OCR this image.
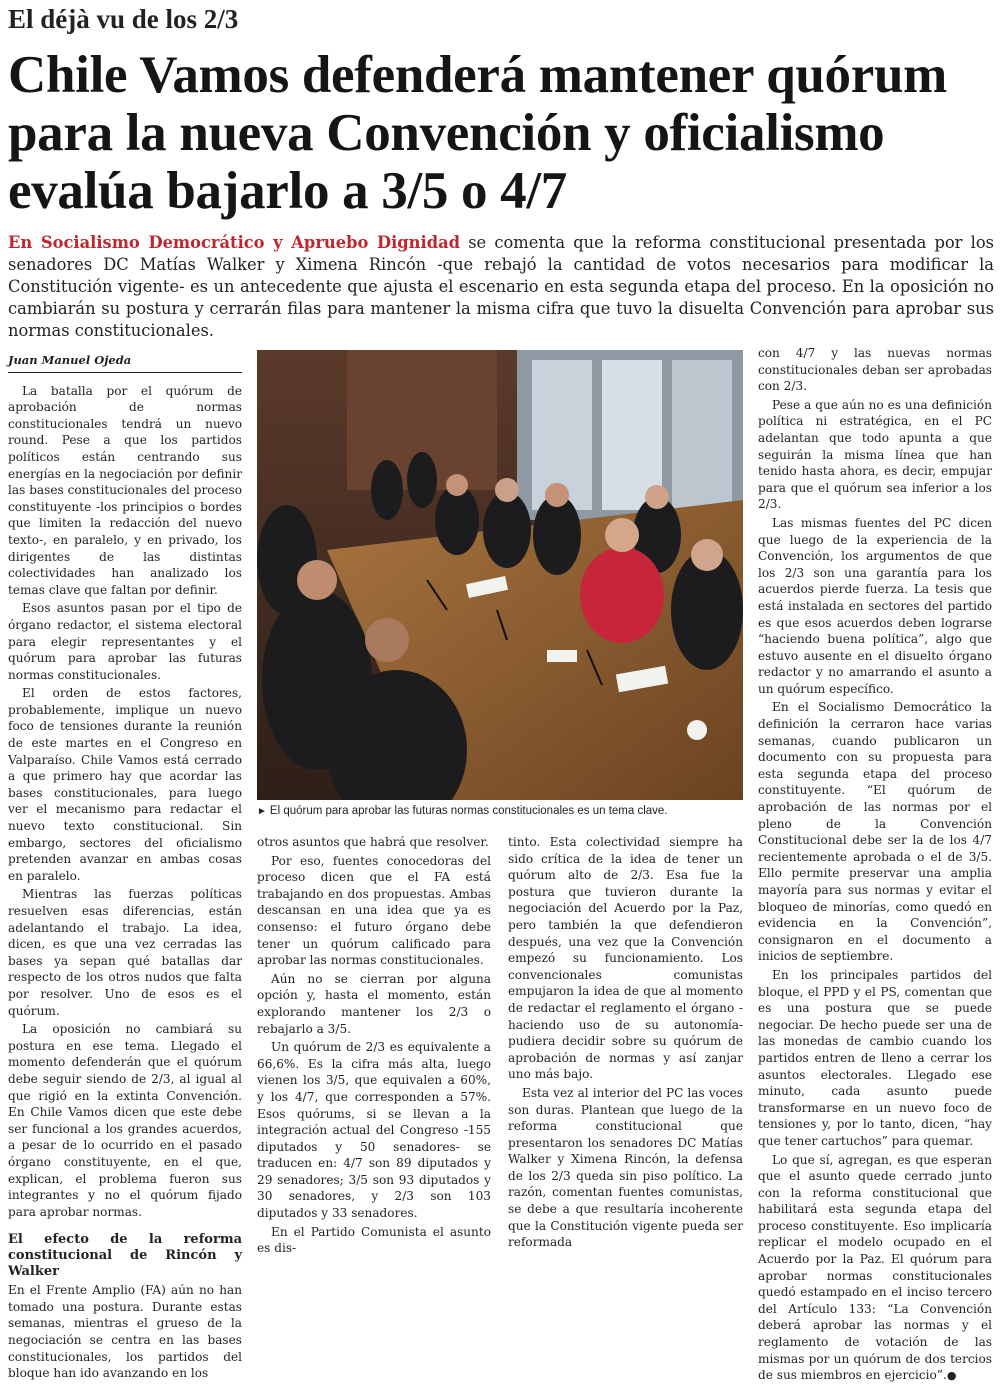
El déjà vu de los 2/3
Chile Vamos defenderá mantener quórum para la nueva Convención y oficialismo evalúa bajarlo a 3/5 o 4/7
En Socialismo Democrático y Apruebo Dignidad se comenta que la reforma constitucional presentada por los senadores DC Matías Walker y Ximena Rincón -que rebajó la cantidad de votos necesarios para modificar la Constitución vigente- es un antecedente que ajusta el escenario en esta segunda etapa del proceso. En la oposición no cambiarán su postura y cerrarán filas para mantener la misma cifra que tuvo la disuelta Convención para aprobar sus normas constitucionales.
Juan Manuel Ojeda

La batalla por el quórum de aprobación de normas constitucionales tendrá un nuevo round. Pese a que los partidos políticos están centrando sus energías en la negociación por definir las bases constitucionales del proceso constituyente -los principios o bordes que limiten la redacción del nuevo texto-, en paralelo, y en privado, los dirigentes de las distintas colectividades han analizado los temas clave que faltan por definir.

Esos asuntos pasan por el tipo de órgano redactor, el sistema electoral para elegir representantes y el quórum para aprobar las futuras normas constitucionales.

El orden de estos factores, probablemente, implique un nuevo foco de tensiones durante la reunión de este martes en el Congreso en Valparaíso. Chile Vamos está cerrado a que primero hay que acordar las bases constitucionales, para luego ver el mecanismo para redactar el nuevo texto constitucional. Sin embargo, sectores del oficialismo pretenden avanzar en ambas cosas en paralelo.

Mientras las fuerzas políticas resuelven esas diferencias, están adelantando el trabajo. La idea, dicen, es que una vez cerradas las bases ya sepan qué batallas dar respecto de los otros nudos que falta por resolver. Uno de esos es el quórum.

La oposición no cambiará su postura en ese tema. Llegado el momento defenderán que el quórum debe seguir siendo de 2/3, al igual al que rigió en la extinta Convención. En Chile Vamos dicen que este debe ser funcional a los grandes acuerdos, a pesar de lo ocurrido en el pasado órgano constituyente, en el que, explican, el problema fueron sus integrantes y no el quórum fijado para aprobar normas.

El efecto de la reforma constitucional de Rincón y Walker

En el Frente Amplio (FA) aún no han tomado una postura. Durante estas semanas, mientras el grueso de la negociación se centra en las bases constitucionales, los partidos del bloque han ido avanzando en los

► El quórum para aprobar las futuras normas constitucionales es un tema clave.

otros asuntos que habrá que resolver.

Por eso, fuentes conocedoras del proceso dicen que el FA está trabajando en dos propuestas. Ambas descansan en una idea que ya es consenso: el futuro órgano debe tener un quórum calificado para aprobar las normas constitucionales.

Aún no se cierran por alguna opción y, hasta el momento, están explorando mantener los 2/3 o rebajarlo a 3/5.

Un quórum de 2/3 es equivalente a 66,6%. Es la cifra más alta, luego vienen los 3/5, que equivalen a 60%, y los 4/7, que corresponden a 57%. Esos quórums, si se llevan a la integración actual del Congreso -155 diputados y 50 senadores- se traducen en: 4/7 son 89 diputados y 29 senadores; 3/5 son 93 diputados y 30 senadores, y 2/3 son 103 diputados y 33 senadores.

En el Partido Comunista el asunto es dis-

tinto. Esta colectividad siempre ha sido crítica de la idea de tener un quórum alto de 2/3. Esa fue la postura que tuvieron durante la negociación del Acuerdo por la Paz, pero también la que defendieron después, una vez que la Convención empezó su funcionamiento. Los convencionales comunistas empujaron la idea de que al momento de redactar el reglamento el órgano -haciendo uso de su autonomía- pudiera decidir sobre su quórum de aprobación de normas y así zanjar uno más bajo.

Esta vez al interior del PC las voces son duras. Plantean que luego de la reforma constitucional que presentaron los senadores DC Matías Walker y Ximena Rincón, la defensa de los 2/3 queda sin piso político. La razón, comentan fuentes comunistas, se debe a que resultaría incoherente que la Constitución vigente pueda ser reformada

con 4/7 y las nuevas normas constitucionales deban ser aprobadas con 2/3.

Pese a que aún no es una definición política ni estratégica, en el PC adelantan que todo apunta a que seguirán la misma línea que han tenido hasta ahora, es decir, empujar para que el quórum sea inferior a los 2/3.

Las mismas fuentes del PC dicen que luego de la experiencia de la Convención, los argumentos de que los 2/3 son una garantía para los acuerdos pierde fuerza. La tesis que está instalada en sectores del partido es que esos acuerdos deben lograrse “haciendo buena política”, algo que estuvo ausente en el disuelto órgano redactor y no amarrando el asunto a un quórum específico.

En el Socialismo Democrático la definición la cerraron hace varias semanas, cuando publicaron un documento con su propuesta para esta segunda etapa del proceso constituyente. “El quórum de aprobación de las normas por el pleno de la Convención Constitucional debe ser la de los 4/7 recientemente aprobada o el de 3/5. Ello permite preservar una amplia mayoría para sus normas y evitar el bloqueo de minorías, como quedó en evidencia en la Convención”, consignaron en el documento a inicios de septiembre.

En los principales partidos del bloque, el PPD y el PS, comentan que es una postura que se puede negociar. De hecho puede ser una de las monedas de cambio cuando los partidos entren de lleno a cerrar los asuntos electorales. Llegado ese minuto, cada asunto puede transformarse en un nuevo foco de tensiones y, por lo tanto, dicen, “hay que tener cartuchos” para quemar.

Lo que sí, agregan, es que esperan que el asunto quede cerrado junto con la reforma constitucional que habilitará esta segunda etapa del proceso constituyente. Eso implicaría replicar el modelo ocupado en el Acuerdo por la Paz. El quórum para aprobar normas constitucionales quedó estampado en el inciso tercero del Artículo 133: “La Convención deberá aprobar las normas y el reglamento de votación de las mismas por un quórum de dos tercios de sus miembros en ejercicio”.●
